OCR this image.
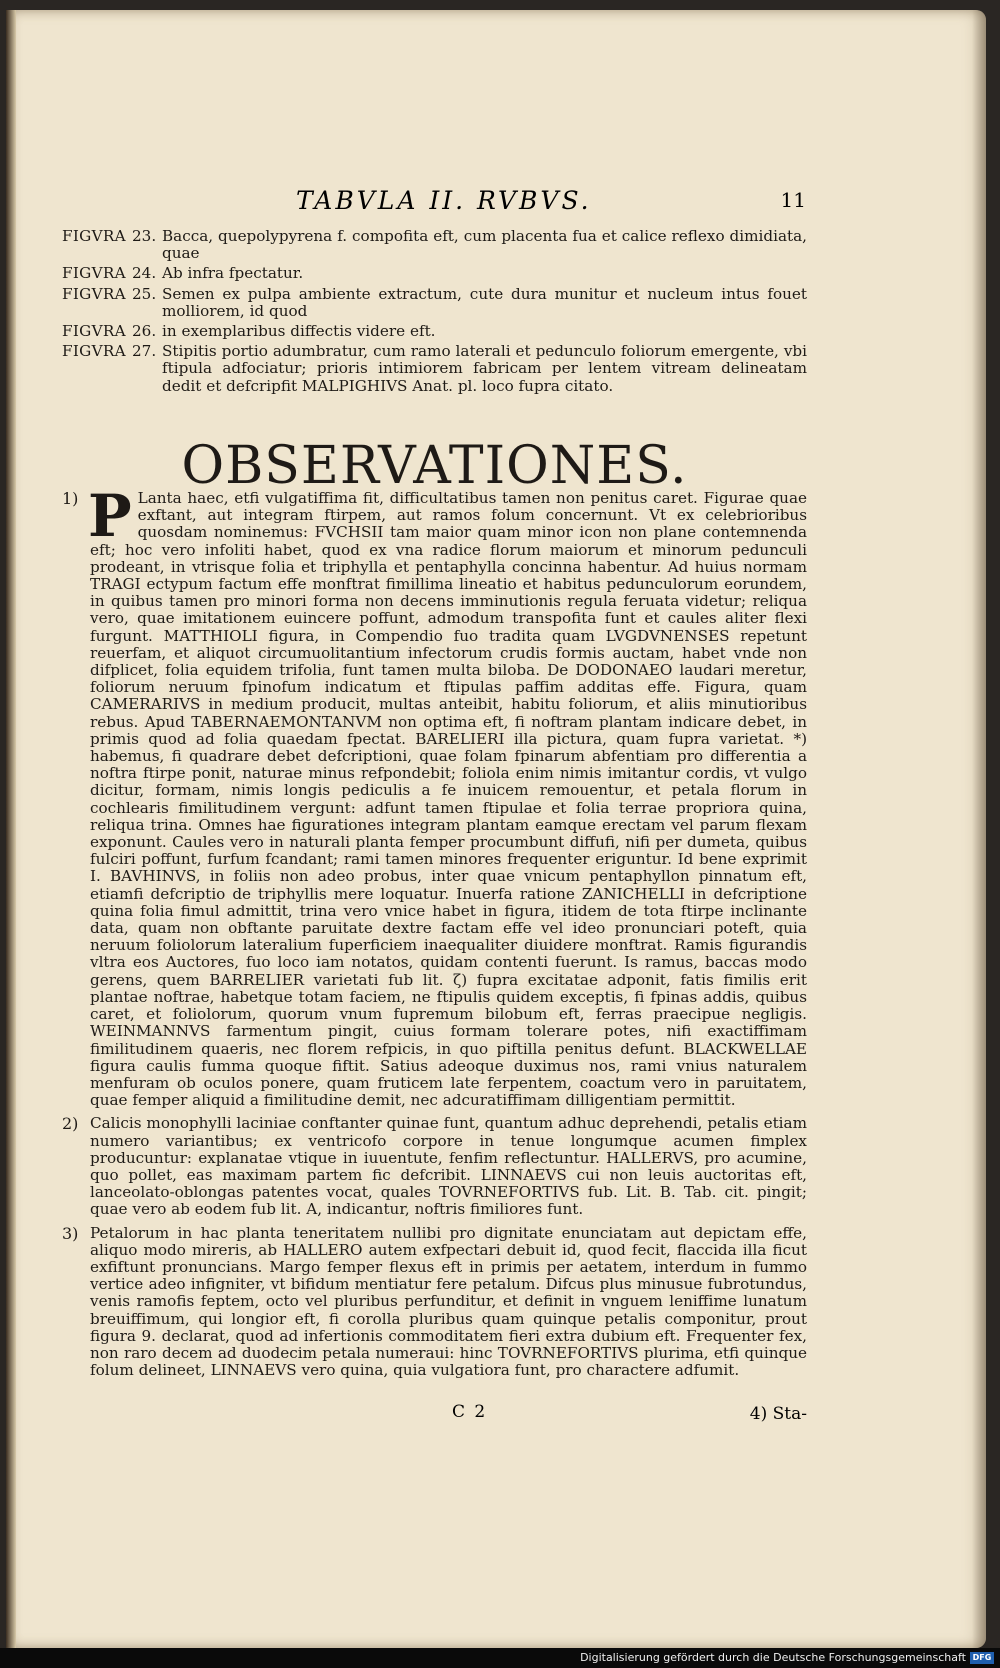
TABVLA II. RVBVS.	11
FIGVRA 23. Bacca, quepolypyrena f. compofita eft, cum placenta fua et calice reflexo dimidiata, quae
FIGVRA 24. Ab infra fpectatur.
FIGVRA 25. Semen ex pulpa ambiente extractum, cute dura munitur et nucleum intus fouet molliorem, id quod
FIGVRA 26. in exemplaribus diffectis videre eft.
FIGVRA 27. Stipitis portio adumbratur, cum ramo laterali et pedunculo foliorum emergente, vbi ftipula adfociatur; prioris intimiorem fabricam per lentem vitream delineatam dedit et defcripfit MALPIGHIVS Anat. pl. loco fupra citato.
OBSERVATIONES.
1) P Lanta haec, etfi vulgatiffima fit, difficultatibus tamen non penitus caret. Figurae quae exftant, aut integram ftirpem, aut ramos folum concernunt. Vt ex celebrioribus quosdam nominemus: FVCHSII tam maior quam minor icon non plane contemnenda eft; hoc vero infoliti habet, quod ex vna radice florum maiorum et minorum pedunculi prodeant, in vtrisque folia et triphylla et pentaphylla concinna habentur. Ad huius normam TRAGI ectypum factum effe monftrat fimillima lineatio et habitus pedunculorum eorundem, in quibus tamen pro minori forma non decens imminutionis regula feruata videtur; reliqua vero, quae imitationem euincere poffunt, admodum transpofita funt et caules aliter flexi furgunt. MATTHIOLI figura, in Compendio fuo tradita quam LVGDVNENSES repetunt reuerfam, et aliquot circumuolitantium infectorum crudis formis auctam, habet vnde non difplicet, folia equidem trifolia, funt tamen multa biloba. De DODONAEO laudari meretur, foliorum neruum fpinofum indicatum et ftipulas paffim additas effe. Figura, quam CAMERARIVS in medium producit, multas anteibit, habitu foliorum, et aliis minutioribus rebus. Apud TABERNAEMONTANVM non optima eft, fi noftram plantam indicare debet, in primis quod ad folia quaedam fpectat. BARELIERI illa pictura, quam fupra varietat. *) habemus, fi quadrare debet defcriptioni, quae folam fpinarum abfentiam pro differentia a noftra ftirpe ponit, naturae minus refpondebit; foliola enim nimis imitantur cordis, vt vulgo dicitur, formam, nimis longis pediculis a fe inuicem remouentur, et petala florum in cochlearis fimilitudinem vergunt: adfunt tamen ftipulae et folia terrae propriora quina, reliqua trina. Omnes hae figurationes integram plantam eamque erectam vel parum flexam exponunt. Caules vero in naturali planta femper procumbunt diffufi, nifi per dumeta, quibus fulciri poffunt, furfum fcandant; rami tamen minores frequenter eriguntur. Id bene exprimit I. BAVHINVS, in foliis non adeo probus, inter quae vnicum pentaphyllon pinnatum eft, etiamfi defcriptio de triphyllis mere loquatur. Inuerfa ratione ZANICHELLI in defcriptione quina folia fimul admittit, trina vero vnice habet in figura, itidem de tota ftirpe inclinante data, quam non obftante paruitate dextre factam effe vel ideo pronunciari poteft, quia neruum foliolorum lateralium fuperficiem inaequaliter diuidere monftrat. Ramis figurandis vltra eos Auctores, fuo loco iam notatos, quidam contenti fuerunt. Is ramus, baccas modo gerens, quem BARRELIER varietati fub lit. ζ) fupra excitatae adponit, fatis fimilis erit plantae noftrae, habetque totam faciem, ne ftipulis quidem exceptis, fi fpinas addis, quibus caret, et foliolorum, quorum vnum fupremum bilobum eft, ferras praecipue negligis. WEINMANNVS farmentum pingit, cuius formam tolerare potes, nifi exactiffimam fimilitudinem quaeris, nec florem refpicis, in quo piftilla penitus defunt. BLACKWELLAE figura caulis fumma quoque fiftit. Satius adeoque duximus nos, rami vnius naturalem menfuram ob oculos ponere, quam fruticem late ferpentem, coactum vero in paruitatem, quae femper aliquid a fimilitudine demit, nec adcuratiffimam dilligentiam permittit.
2) Calicis monophylli laciniae conftanter quinae funt, quantum adhuc deprehendi, petalis etiam numero variantibus; ex ventricofo corpore in tenue longumque acumen fimplex producuntur: explanatae vtique in iuuentute, fenfim reflectuntur. HALLERVS, pro acumine, quo pollet, eas maximam partem fic defcribit. LINNAEVS cui non leuis auctoritas eft, lanceolato-oblongas patentes vocat, quales TOVRNEFORTIVS fub. Lit. B. Tab. cit. pingit; quae vero ab eodem fub lit. A, indicantur, noftris fimiliores funt.
3) Petalorum in hac planta teneritatem nullibi pro dignitate enunciatam aut depictam effe, aliquo modo mireris, ab HALLERO autem exfpectari debuit id, quod fecit, flaccida illa ficut exfiftunt pronuncians. Margo femper flexus eft in primis per aetatem, interdum in fummo vertice adeo infigniter, vt bifidum mentiatur fere petalum. Difcus plus minusue fubrotundus, venis ramofis feptem, octo vel pluribus perfunditur, et definit in vnguem leniffime lunatum breuiffimum, qui longior eft, fi corolla pluribus quam quinque petalis componitur, prout figura 9. declarat, quod ad infertionis commoditatem fieri extra dubium eft. Frequenter fex, non raro decem ad duodecim petala numeraui: hinc TOVRNEFORTIVS plurima, etfi quinque folum delineet, LINNAEVS vero quina, quia vulgatiora funt, pro charactere adfumit.
C 2	4) Sta-
Digitalisierung gefördert durch die Deutsche Forschungsgemeinschaft DFG
